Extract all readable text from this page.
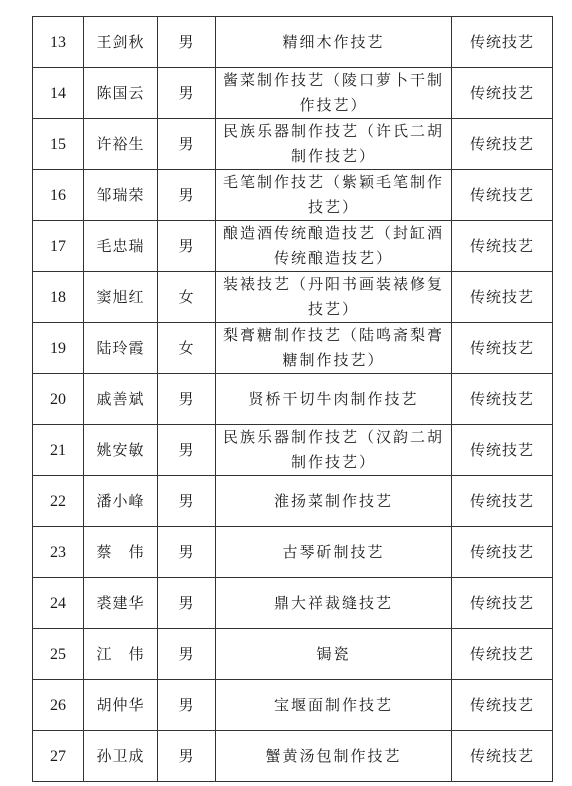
13	王剑秋	男	精细木作技艺	传统技艺
14	陈国云	男	酱菜制作技艺（陵口萝卜干制作技艺）	传统技艺
15	许裕生	男	民族乐器制作技艺（许氏二胡制作技艺）	传统技艺
16	邹瑞荣	男	毛笔制作技艺（紫颖毛笔制作技艺）	传统技艺
17	毛忠瑞	男	酿造酒传统酿造技艺（封缸酒传统酿造技艺）	传统技艺
18	窦旭红	女	装裱技艺（丹阳书画装裱修复技艺）	传统技艺
19	陆玲霞	女	梨膏糖制作技艺（陆鸣斋梨膏糖制作技艺）	传统技艺
20	戚善斌	男	贤桥干切牛肉制作技艺	传统技艺
21	姚安敏	男	民族乐器制作技艺（汉韵二胡制作技艺）	传统技艺
22	潘小峰	男	淮扬菜制作技艺	传统技艺
23	蔡　伟	男	古琴斫制技艺	传统技艺
24	裘建华	男	鼎大祥裁缝技艺	传统技艺
25	江　伟	男	锔瓷	传统技艺
26	胡仲华	男	宝堰面制作技艺	传统技艺
27	孙卫成	男	蟹黄汤包制作技艺	传统技艺
